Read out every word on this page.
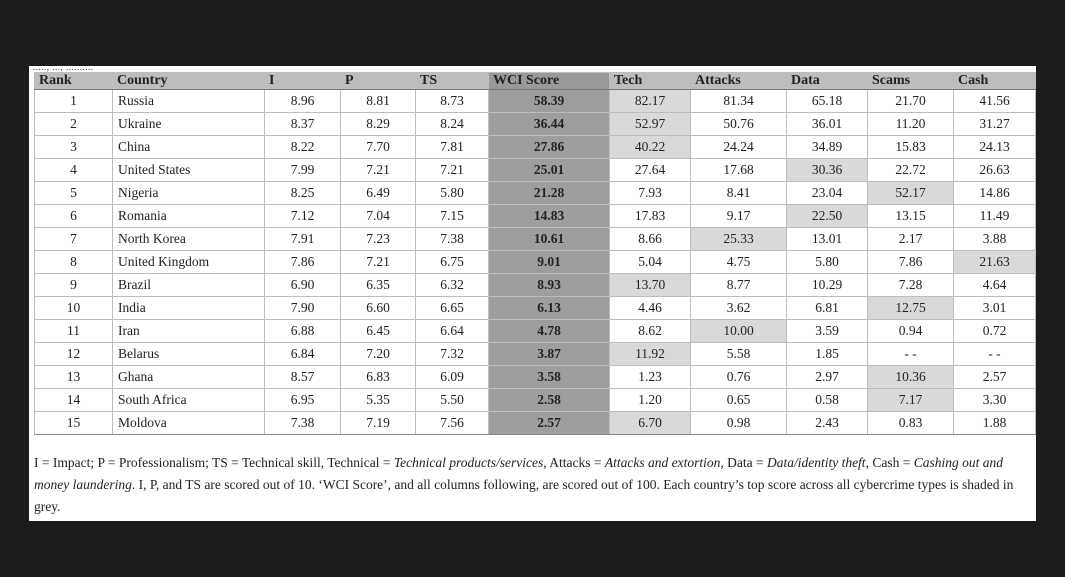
....., ..., ..........
Rank	Country	I	P	TS	WCI Score	Tech	Attacks	Data	Scams	Cash
1	Russia	8.96	8.81	8.73	58.39	82.17	81.34	65.18	21.70	41.56
2	Ukraine	8.37	8.29	8.24	36.44	52.97	50.76	36.01	11.20	31.27
3	China	8.22	7.70	7.81	27.86	40.22	24.24	34.89	15.83	24.13
4	United States	7.99	7.21	7.21	25.01	27.64	17.68	30.36	22.72	26.63
5	Nigeria	8.25	6.49	5.80	21.28	7.93	8.41	23.04	52.17	14.86
6	Romania	7.12	7.04	7.15	14.83	17.83	9.17	22.50	13.15	11.49
7	North Korea	7.91	7.23	7.38	10.61	8.66	25.33	13.01	2.17	3.88
8	United Kingdom	7.86	7.21	6.75	9.01	5.04	4.75	5.80	7.86	21.63
9	Brazil	6.90	6.35	6.32	8.93	13.70	8.77	10.29	7.28	4.64
10	India	7.90	6.60	6.65	6.13	4.46	3.62	6.81	12.75	3.01
11	Iran	6.88	6.45	6.64	4.78	8.62	10.00	3.59	0.94	0.72
12	Belarus	6.84	7.20	7.32	3.87	11.92	5.58	1.85	- -	- -
13	Ghana	8.57	6.83	6.09	3.58	1.23	0.76	2.97	10.36	2.57
14	South Africa	6.95	5.35	5.50	2.58	1.20	0.65	0.58	7.17	3.30
15	Moldova	7.38	7.19	7.56	2.57	6.70	0.98	2.43	0.83	1.88
I = Impact; P = Professionalism; TS = Technical skill, Technical = Technical products/services, Attacks = Attacks and extortion, Data = Data/identity theft, Cash = Cashing out and money laundering. I, P, and TS are scored out of 10. ‘WCI Score’, and all columns following, are scored out of 100. Each country’s top score across all cybercrime types is shaded in grey.
